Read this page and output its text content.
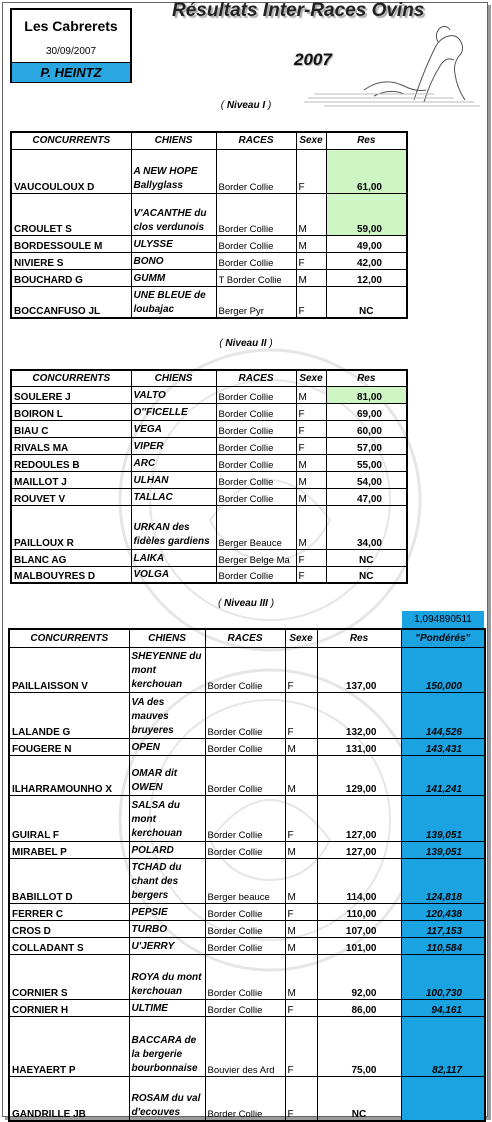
Les Cabrerets
30/09/2007
P. HEINTZ
Résultats Inter-Races Ovins
2007
( Niveau I )
CONCURRENTS	CHIENS	RACES	Sexe	Res
VAUCOULOUX D	A NEW HOPE Ballyglass	Border Collie	F	61,00
CROULET S	V'ACANTHE du clos verdunois	Border Collie	M	59,00
BORDESSOULE M	ULYSSE	Border Collie	M	49,00
NIVIERE S	BONO	Border Collie	F	42,00
BOUCHARD G	GUMM	T Border Collie	M	12,00
BOCCANFUSO JL	UNE BLEUE de loubajac	Berger Pyr	F	NC
( Niveau II )
CONCURRENTS	CHIENS	RACES	Sexe	Res
SOULERE J	VALTO	Border Collie	M	81,00
BOIRON L	O''FICELLE	Border Collie	F	69,00
BIAU C	VEGA	Border Collie	F	60,00
RIVALS MA	VIPER	Border Collie	F	57,00
REDOULES B	ARC	Border Collie	M	55,00
MAILLOT J	ULHAN	Border Collie	M	54,00
ROUVET V	TALLAC	Border Collie	M	47,00
PAILLOUX R	URKAN des fidèles gardiens	Berger Beauce	M	34,00
BLANC AG	LAIKA	Berger Belge Ma	F	NC
MALBOUYRES D	VOLGA	Border Collie	F	NC
( Niveau III )
1,094890511
CONCURRENTS	CHIENS	RACES	Sexe	Res	"Pondérés"
PAILLAISSON V	SHEYENNE du mont kerchouan	Border Collie	F	137,00	150,000
LALANDE G	VA des mauves bruyeres	Border Collie	F	132,00	144,526
FOUGERE N	OPEN	Border Collie	M	131,00	143,431
ILHARRAMOUNHO X	OMAR dit OWEN	Border Collie	M	129,00	141,241
GUIRAL F	SALSA du mont kerchouan	Border Collie	F	127,00	139,051
MIRABEL P	POLARD	Border Collie	M	127,00	139,051
BABILLOT D	TCHAD du chant des bergers	Berger beauce	M	114,00	124,818
FERRER C	PEPSIE	Border Collie	F	110,00	120,438
CROS D	TURBO	Border Collie	M	107,00	117,153
COLLADANT S	U'JERRY	Border Collie	M	101,00	110,584
CORNIER S	ROYA du mont kerchouan	Border Collie	M	92,00	100,730
CORNIER H	ULTIME	Border Collie	F	86,00	94,161
HAEYAERT P	BACCARA de la bergerie bourbonnaise	Bouvier des Ard	F	75,00	82,117
GANDRILLE JB	ROSAM du val d'ecouves	Border Collie	F	NC	
